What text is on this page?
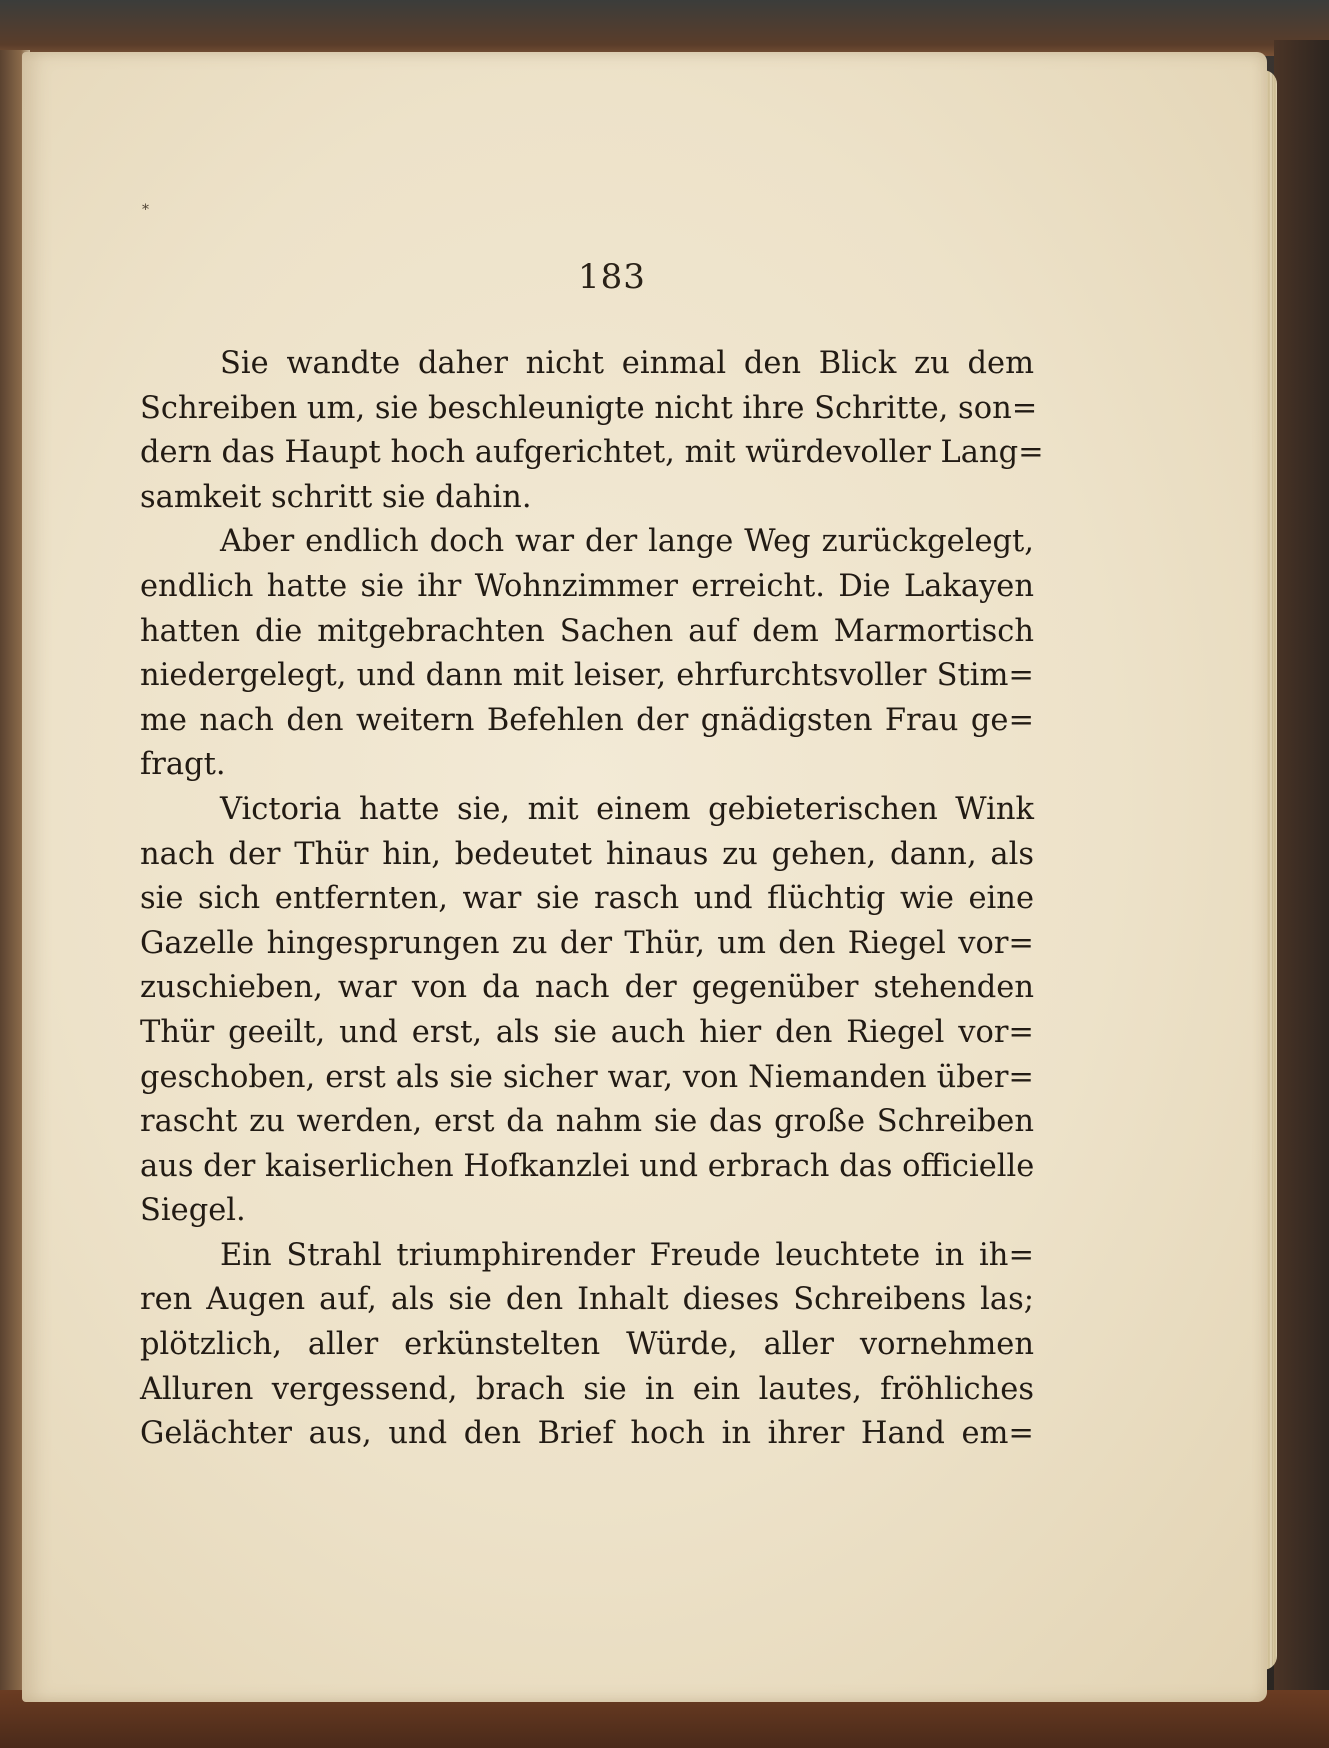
*
183
Sie wandte daher nicht einmal den Blick zu dem
Schreiben um, sie beschleunigte nicht ihre Schritte, son=
dern das Haupt hoch aufgerichtet, mit würdevoller Lang=
samkeit schritt sie dahin.
Aber endlich doch war der lange Weg zurückgelegt,
endlich hatte sie ihr Wohnzimmer erreicht. Die Lakayen
hatten die mitgebrachten Sachen auf dem Marmortisch
niedergelegt, und dann mit leiser, ehrfurchtsvoller Stim=
me nach den weitern Befehlen der gnädigsten Frau ge=
fragt.
Victoria hatte sie, mit einem gebieterischen Wink
nach der Thür hin, bedeutet hinaus zu gehen, dann, als
sie sich entfernten, war sie rasch und flüchtig wie eine
Gazelle hingesprungen zu der Thür, um den Riegel vor=
zuschieben, war von da nach der gegenüber stehenden
Thür geeilt, und erst, als sie auch hier den Riegel vor=
geschoben, erst als sie sicher war, von Niemanden über=
rascht zu werden, erst da nahm sie das große Schreiben
aus der kaiserlichen Hofkanzlei und erbrach das officielle
Siegel.
Ein Strahl triumphirender Freude leuchtete in ih=
ren Augen auf, als sie den Inhalt dieses Schreibens las;
plötzlich, aller erkünstelten Würde, aller vornehmen
Alluren vergessend, brach sie in ein lautes, fröhliches
Gelächter aus, und den Brief hoch in ihrer Hand em=
